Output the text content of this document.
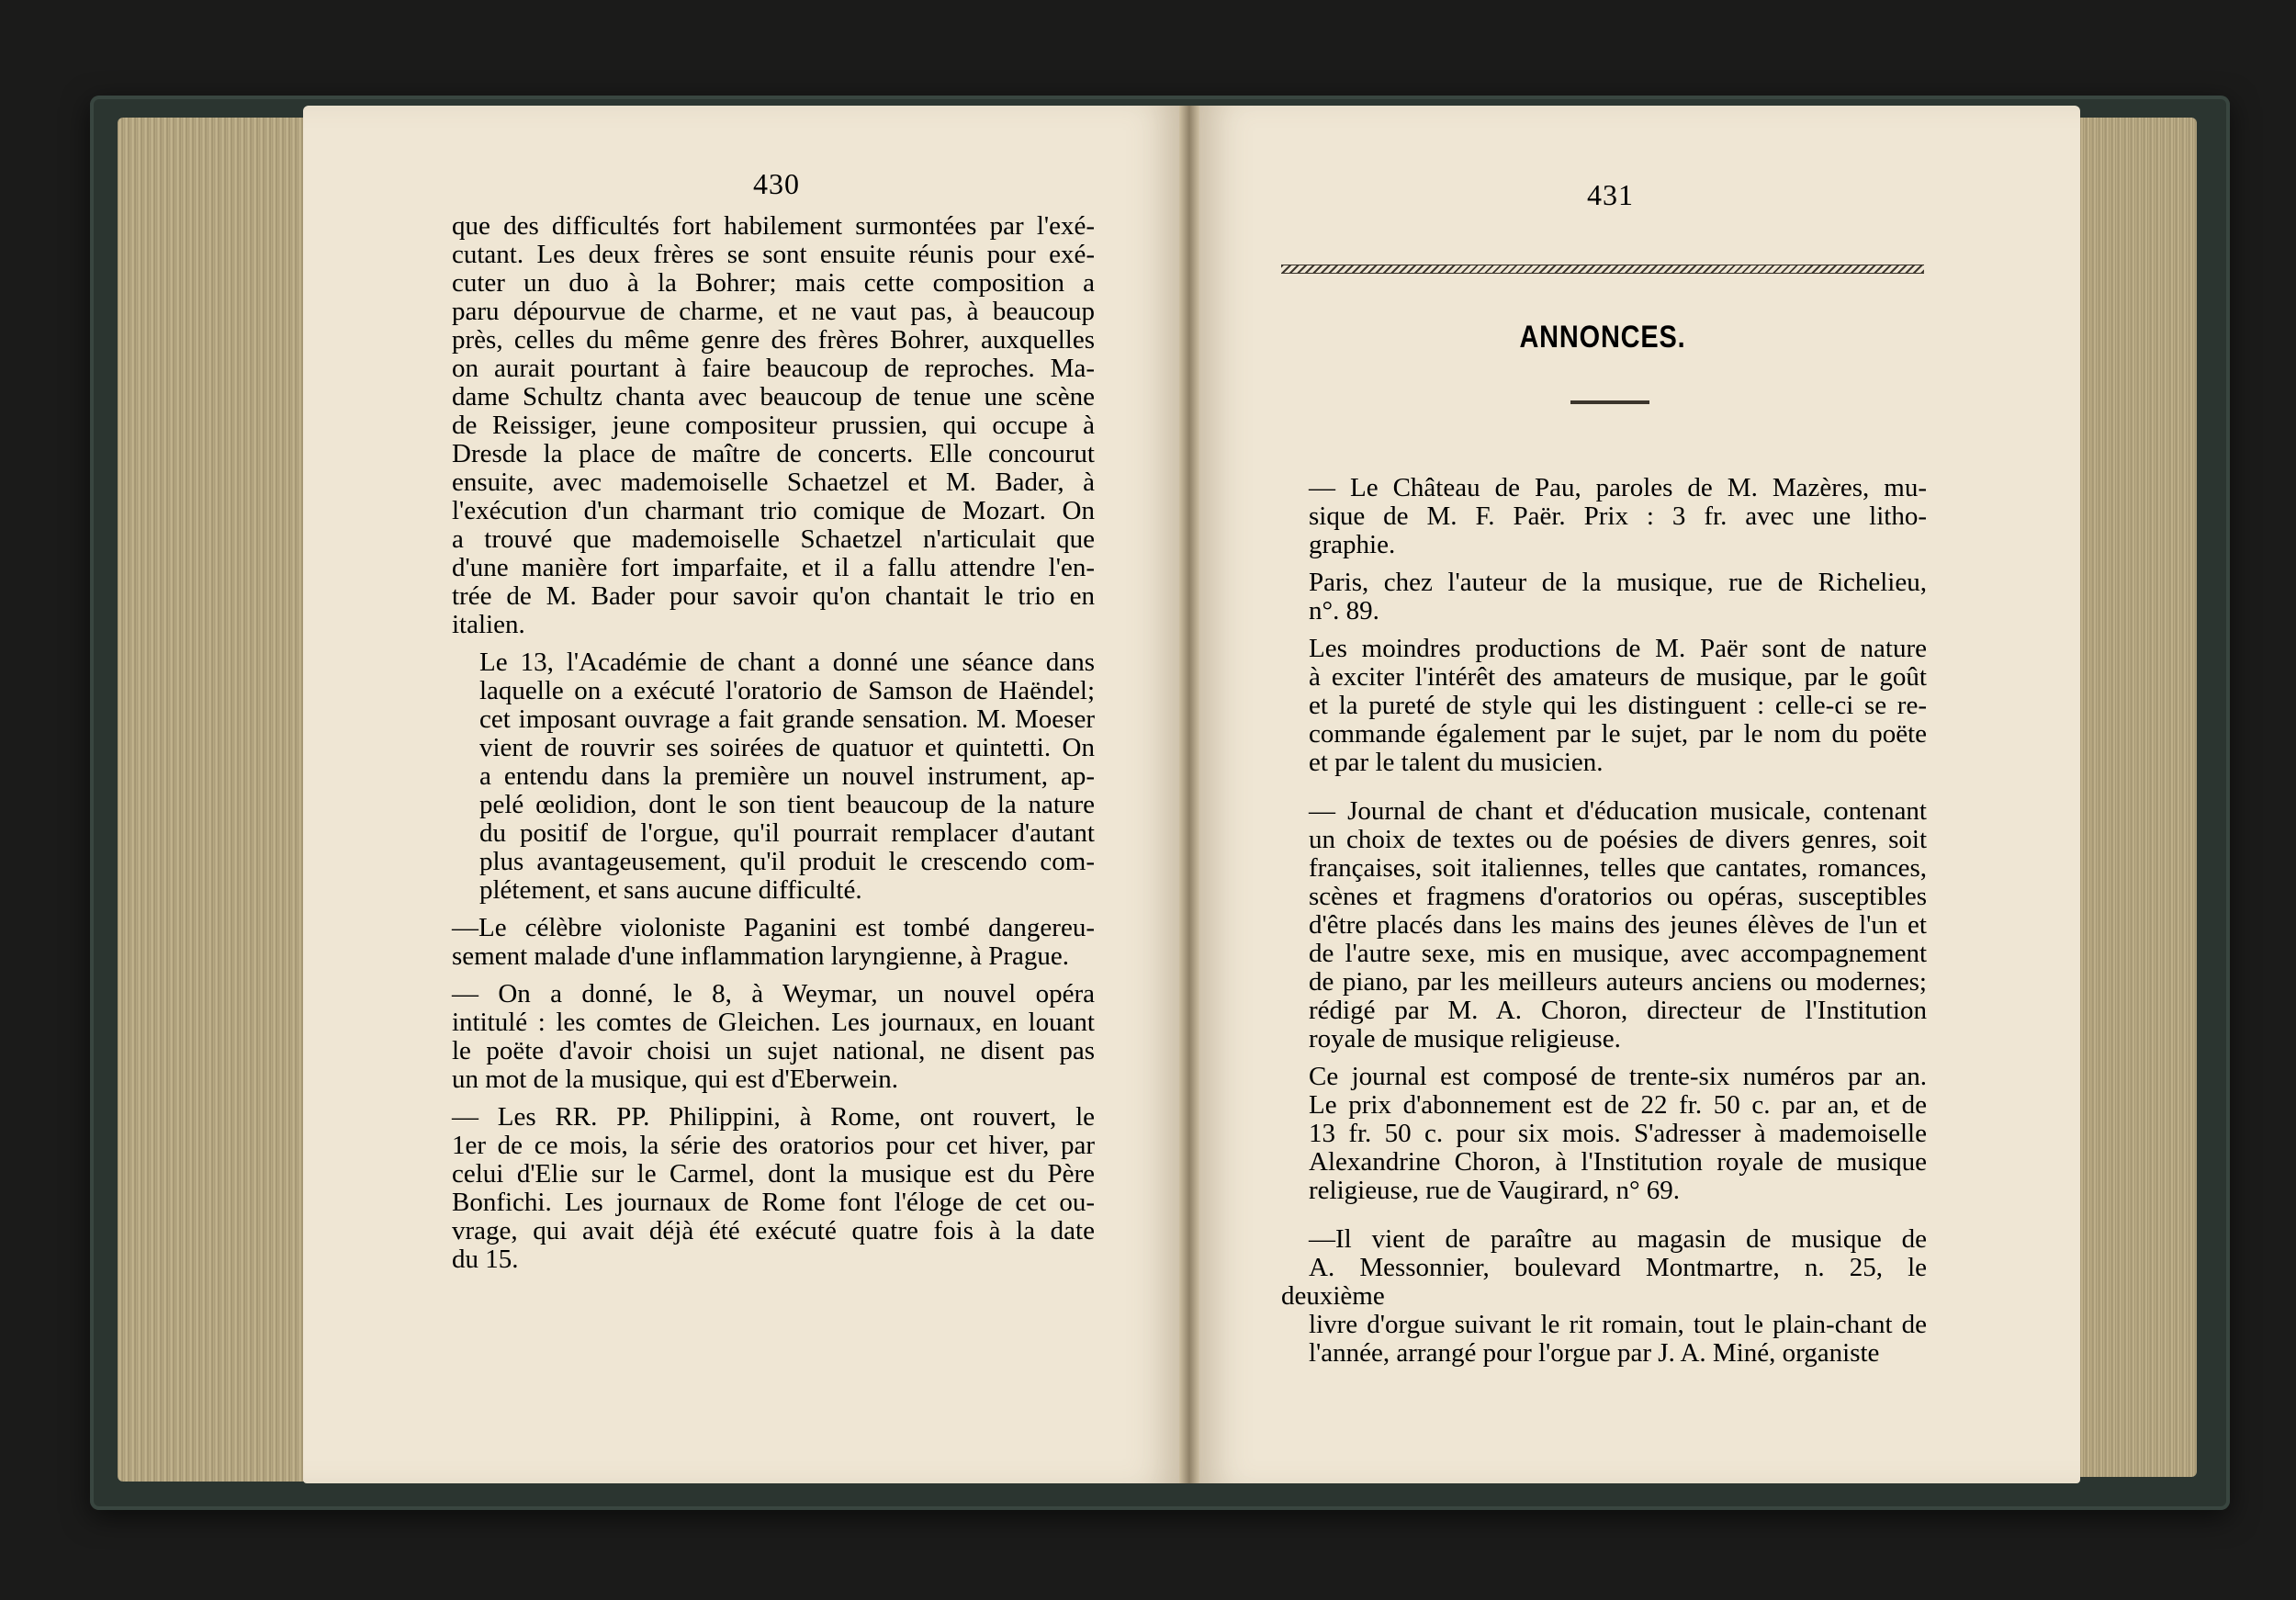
430

que des difficultés fort habilement surmontées par l'exé-
cutant. Les deux frères se sont ensuite réunis pour exé-
cuter un duo à la Bohrer; mais cette composition a
paru dépourvue de charme, et ne vaut pas, à beaucoup
près, celles du même genre des frères Bohrer, auxquelles
on aurait pourtant à faire beaucoup de reproches. Ma-
dame Schultz chanta avec beaucoup de tenue une scène
de Reissiger, jeune compositeur prussien, qui occupe à
Dresde la place de maître de concerts. Elle concourut
ensuite, avec mademoiselle Schaetzel et M. Bader, à
l'exécution d'un charmant trio comique de Mozart. On
a trouvé que mademoiselle Schaetzel n'articulait que
d'une manière fort imparfaite, et il a fallu attendre l'en-
trée de M. Bader pour savoir qu'on chantait le trio en
italien.

Le 13, l'Académie de chant a donné une séance dans
laquelle on a exécuté l'oratorio de Samson de Haëndel;
cet imposant ouvrage a fait grande sensation. M. Moeser
vient de rouvrir ses soirées de quatuor et quintetti. On
a entendu dans la première un nouvel instrument, ap-
pelé œolidion, dont le son tient beaucoup de la nature
du positif de l'orgue, qu'il pourrait remplacer d'autant
plus avantageusement, qu'il produit le crescendo com-
plétement, et sans aucune difficulté.

—Le célèbre violoniste Paganini est tombé dangereu-
sement malade d'une inflammation laryngienne, à Prague.

— On a donné, le 8, à Weymar, un nouvel opéra
intitulé : les comtes de Gleichen. Les journaux, en louant
le poëte d'avoir choisi un sujet national, ne disent pas
un mot de la musique, qui est d'Eberwein.

— Les RR. PP. Philippini, à Rome, ont rouvert, le
1er de ce mois, la série des oratorios pour cet hiver, par
celui d'Elie sur le Carmel, dont la musique est du Père
Bonfichi. Les journaux de Rome font l'éloge de cet ou-
vrage, qui avait déjà été exécuté quatre fois à la date
du 15.

431
ANNONCES.

— Le Château de Pau, paroles de M. Mazères, mu-
sique de M. F. Paër. Prix : 3 fr. avec une litho-
graphie.

Paris, chez l'auteur de la musique, rue de Richelieu,
n°. 89.

Les moindres productions de M. Paër sont de nature
à exciter l'intérêt des amateurs de musique, par le goût
et la pureté de style qui les distinguent : celle-ci se re-
commande également par le sujet, par le nom du poëte
et par le talent du musicien.

— Journal de chant et d'éducation musicale, contenant
un choix de textes ou de poésies de divers genres, soit
françaises, soit italiennes, telles que cantates, romances,
scènes et fragmens d'oratorios ou opéras, susceptibles
d'être placés dans les mains des jeunes élèves de l'un et
de l'autre sexe, mis en musique, avec accompagnement
de piano, par les meilleurs auteurs anciens ou modernes;
rédigé par M. A. Choron, directeur de l'Institution
royale de musique religieuse.

Ce journal est composé de trente-six numéros par an.
Le prix d'abonnement est de 22 fr. 50 c. par an, et de
13 fr. 50 c. pour six mois. S'adresser à mademoiselle
Alexandrine Choron, à l'Institution royale de musique
religieuse, rue de Vaugirard, n° 69.

—Il vient de paraître au magasin de musique de
A. Messonnier, boulevard Montmartre, n. 25, le deuxième
livre d'orgue suivant le rit romain, tout le plain-chant de
l'année, arrangé pour l'orgue par J. A. Miné, organiste
